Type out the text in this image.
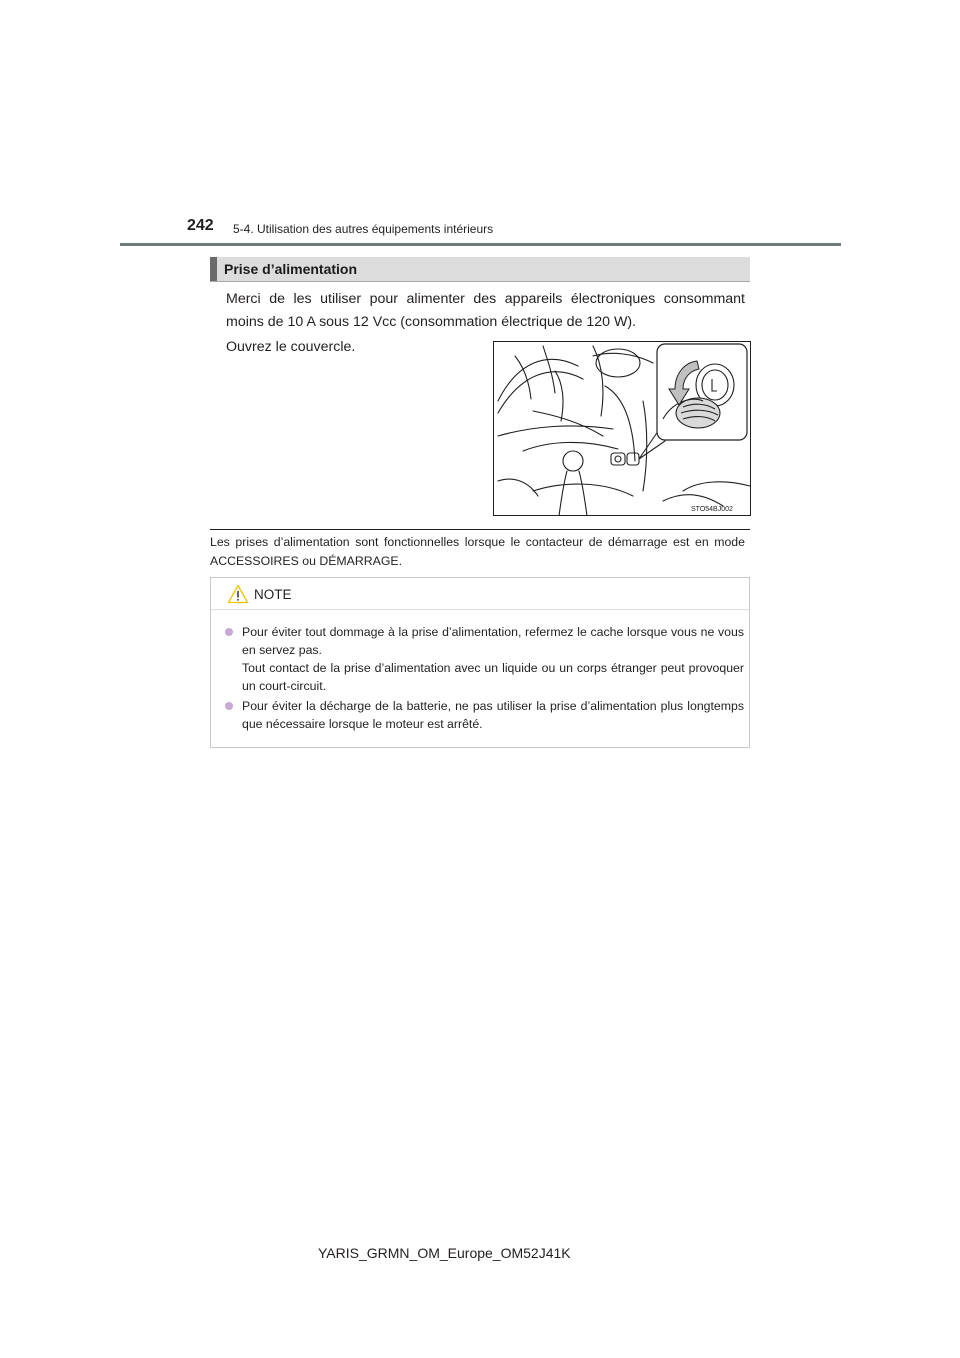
242 5-4. Utilisation des autres équipements intérieurs
Prise d’alimentation
Merci de les utiliser pour alimenter des appareils électroniques consommant moins de 10 A sous 12 Vcc (consommation électrique de 120 W).
Ouvrez le couvercle.
STO54BJ002
Les prises d’alimentation sont fonctionnelles lorsque le contacteur de démarrage est en mode ACCESSOIRES ou DÉMARRAGE.
NOTE
Pour éviter tout dommage à la prise d’alimentation, refermez le cache lorsque vous ne vous en servez pas.
Tout contact de la prise d’alimentation avec un liquide ou un corps étranger peut provoquer un court-circuit.
Pour éviter la décharge de la batterie, ne pas utiliser la prise d’alimentation plus longtemps que nécessaire lorsque le moteur est arrêté.
YARIS_GRMN_OM_Europe_OM52J41K
